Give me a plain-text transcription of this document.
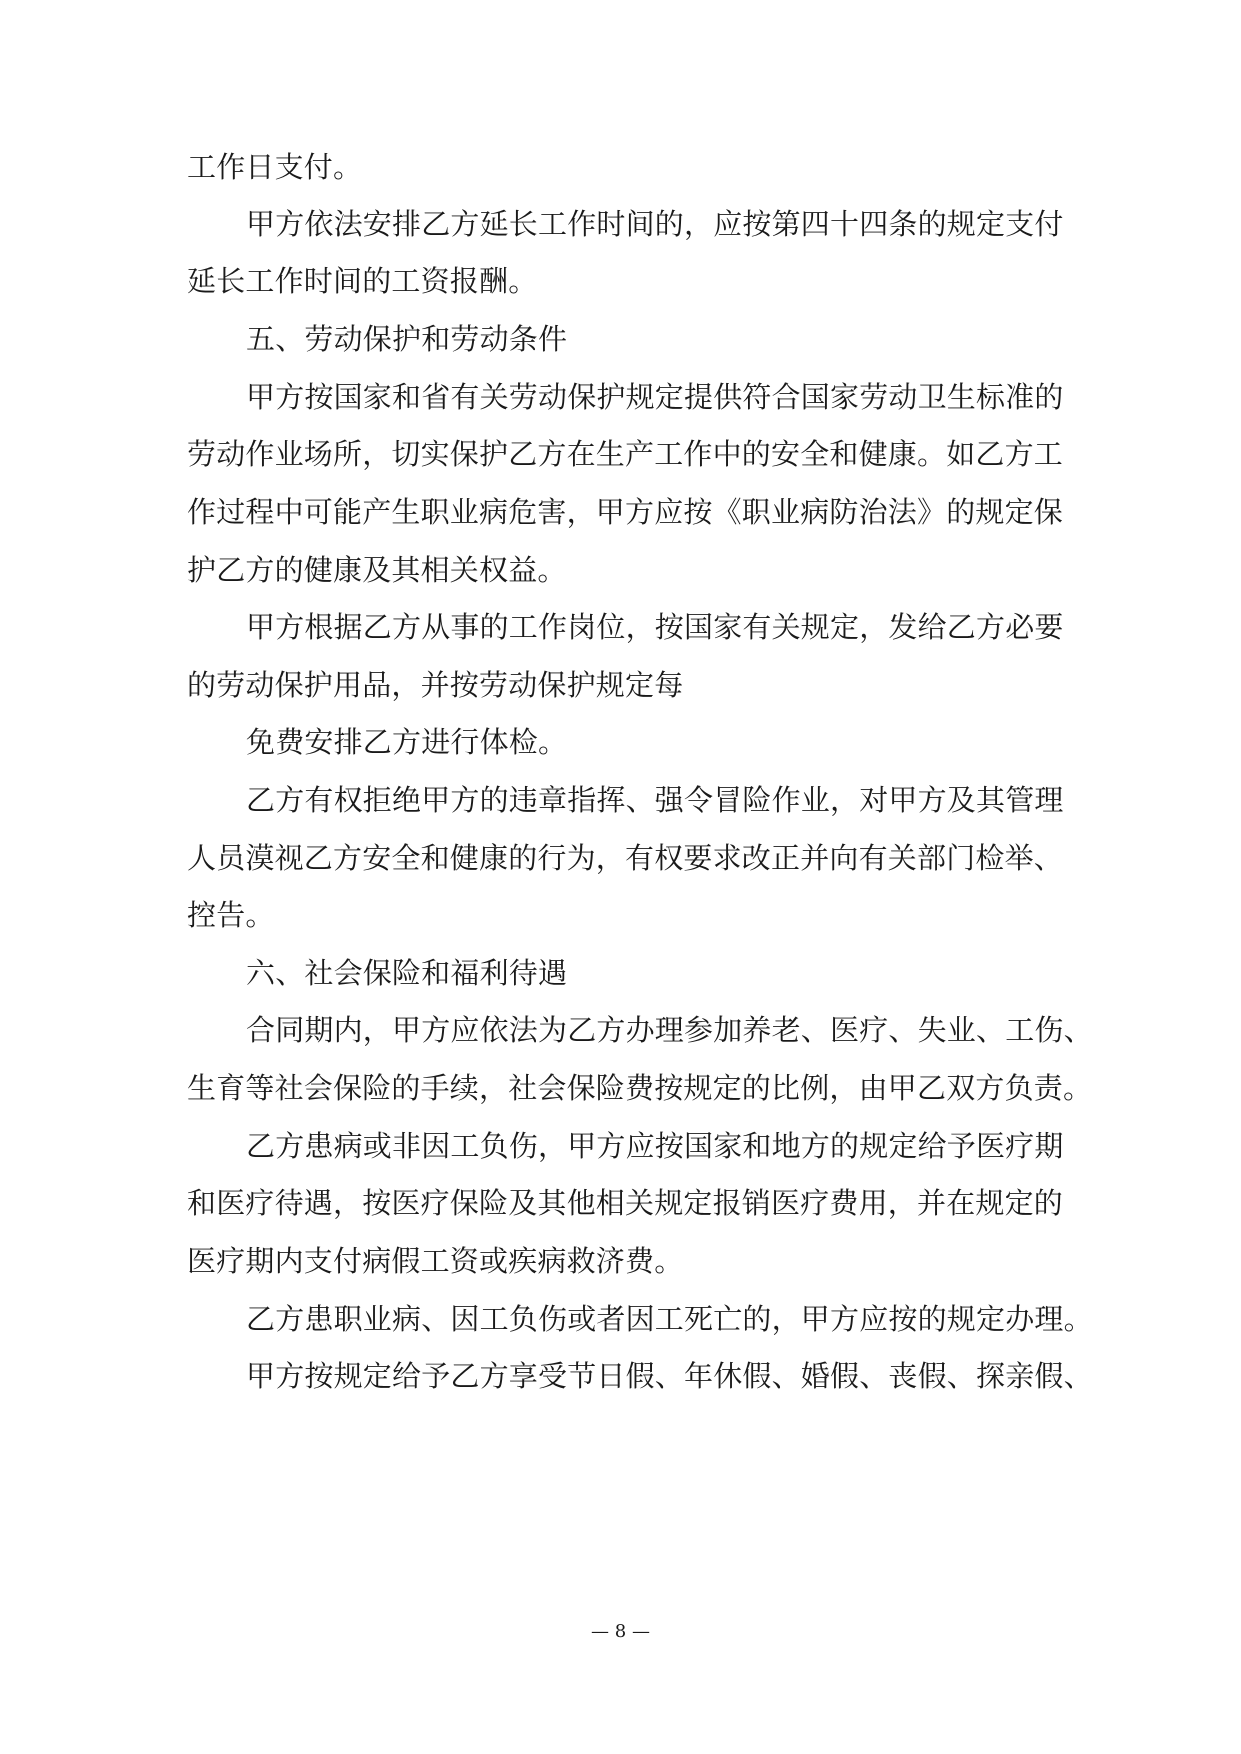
工作日支付。
甲方依法安排乙方延长工作时间的，应按第四十四条的规定支付
延长工作时间的工资报酬。
五、劳动保护和劳动条件
甲方按国家和省有关劳动保护规定提供符合国家劳动卫生标准的
劳动作业场所，切实保护乙方在生产工作中的安全和健康。如乙方工
作过程中可能产生职业病危害，甲方应按《职业病防治法》的规定保
护乙方的健康及其相关权益。
甲方根据乙方从事的工作岗位，按国家有关规定，发给乙方必要
的劳动保护用品，并按劳动保护规定每
免费安排乙方进行体检。
乙方有权拒绝甲方的违章指挥、强令冒险作业，对甲方及其管理
人员漠视乙方安全和健康的行为，有权要求改正并向有关部门检举、
控告。
六、社会保险和福利待遇
合同期内，甲方应依法为乙方办理参加养老、医疗、失业、工伤、
生育等社会保险的手续，社会保险费按规定的比例，由甲乙双方负责。
乙方患病或非因工负伤，甲方应按国家和地方的规定给予医疗期
和医疗待遇，按医疗保险及其他相关规定报销医疗费用，并在规定的
医疗期内支付病假工资或疾病救济费。
乙方患职业病、因工负伤或者因工死亡的，甲方应按的规定办理。
甲方按规定给予乙方享受节日假、年休假、婚假、丧假、探亲假、
— 8 —
